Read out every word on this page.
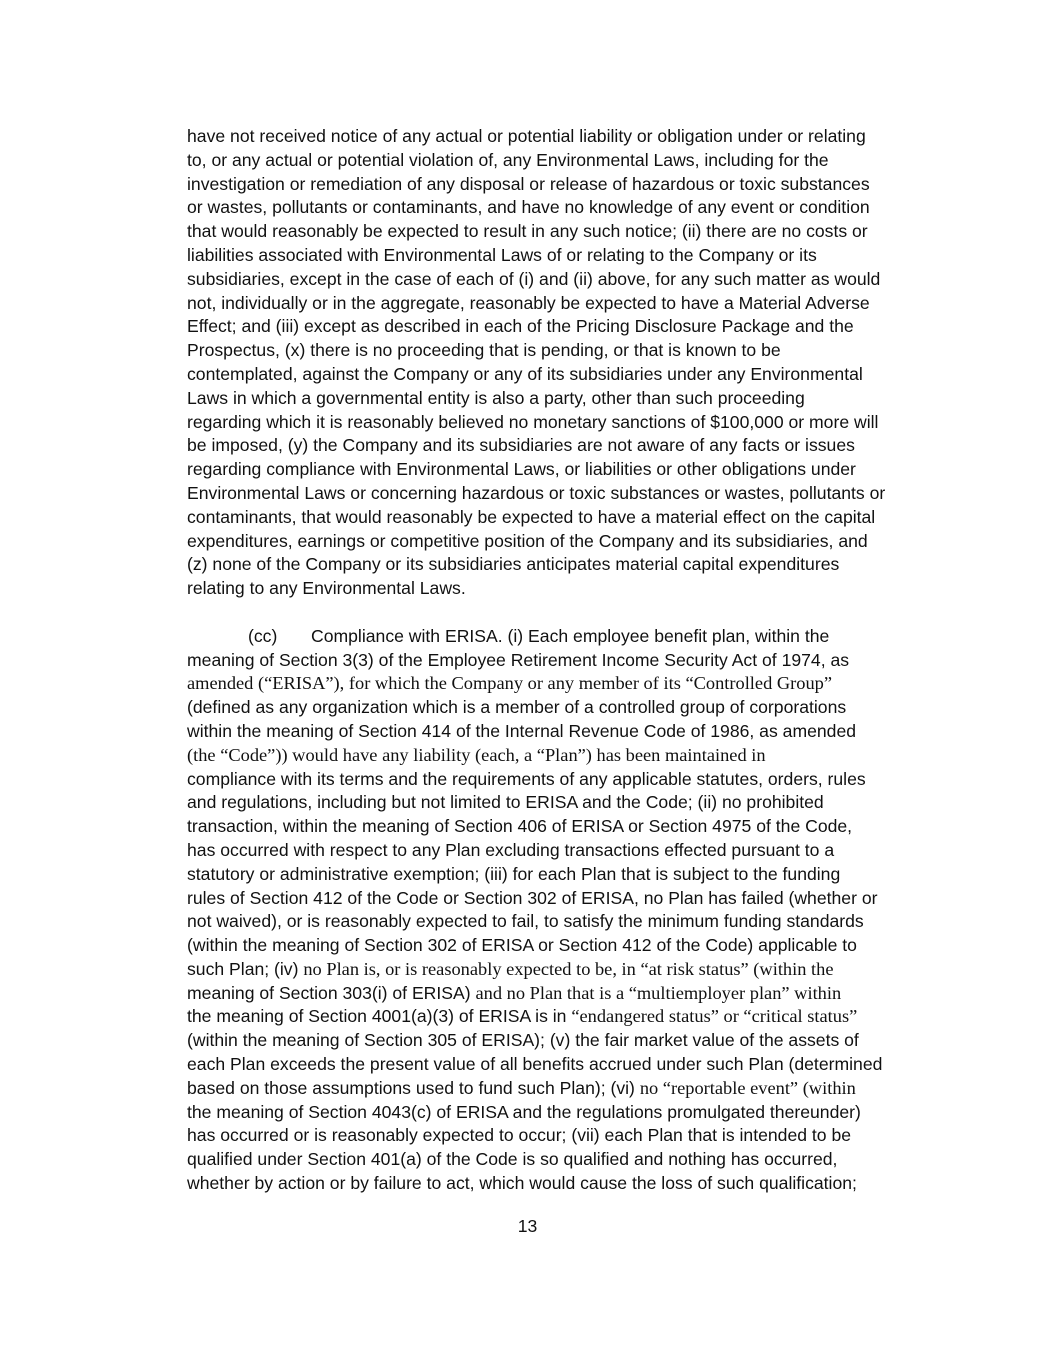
have not received notice of any actual or potential liability or obligation under or relating
to, or any actual or potential violation of, any Environmental Laws, including for the
investigation or remediation of any disposal or release of hazardous or toxic substances
or wastes, pollutants or contaminants, and have no knowledge of any event or condition
that would reasonably be expected to result in any such notice; (ii) there are no costs or
liabilities associated with Environmental Laws of or relating to the Company or its
subsidiaries, except in the case of each of (i) and (ii) above, for any such matter as would
not, individually or in the aggregate, reasonably be expected to have a Material Adverse
Effect; and (iii) except as described in each of the Pricing Disclosure Package and the
Prospectus, (x) there is no proceeding that is pending, or that is known to be
contemplated, against the Company or any of its subsidiaries under any Environmental
Laws in which a governmental entity is also a party, other than such proceeding
regarding which it is reasonably believed no monetary sanctions of $100,000 or more will
be imposed, (y) the Company and its subsidiaries are not aware of any facts or issues
regarding compliance with Environmental Laws, or liabilities or other obligations under
Environmental Laws or concerning hazardous or toxic substances or wastes, pollutants or
contaminants, that would reasonably be expected to have a material effect on the capital
expenditures, earnings or competitive position of the Company and its subsidiaries, and
(z) none of the Company or its subsidiaries anticipates material capital expenditures
relating to any Environmental Laws.
(cc) Compliance with ERISA. (i) Each employee benefit plan, within the
meaning of Section 3(3) of the Employee Retirement Income Security Act of 1974, as
amended (“ERISA”), for which the Company or any member of its “Controlled Group”
(defined as any organization which is a member of a controlled group of corporations
within the meaning of Section 414 of the Internal Revenue Code of 1986, as amended
(the “Code”)) would have any liability (each, a “Plan”) has been maintained in
compliance with its terms and the requirements of any applicable statutes, orders, rules
and regulations, including but not limited to ERISA and the Code; (ii) no prohibited
transaction, within the meaning of Section 406 of ERISA or Section 4975 of the Code,
has occurred with respect to any Plan excluding transactions effected pursuant to a
statutory or administrative exemption; (iii) for each Plan that is subject to the funding
rules of Section 412 of the Code or Section 302 of ERISA, no Plan has failed (whether or
not waived), or is reasonably expected to fail, to satisfy the minimum funding standards
(within the meaning of Section 302 of ERISA or Section 412 of the Code) applicable to
such Plan; (iv) no Plan is, or is reasonably expected to be, in “at risk status” (within the
meaning of Section 303(i) of ERISA) and no Plan that is a “multiemployer plan” within
the meaning of Section 4001(a)(3) of ERISA is in “endangered status” or “critical status”
(within the meaning of Section 305 of ERISA); (v) the fair market value of the assets of
each Plan exceeds the present value of all benefits accrued under such Plan (determined
based on those assumptions used to fund such Plan); (vi) no “reportable event” (within
the meaning of Section 4043(c) of ERISA and the regulations promulgated thereunder)
has occurred or is reasonably expected to occur; (vii) each Plan that is intended to be
qualified under Section 401(a) of the Code is so qualified and nothing has occurred,
whether by action or by failure to act, which would cause the loss of such qualification;
13
